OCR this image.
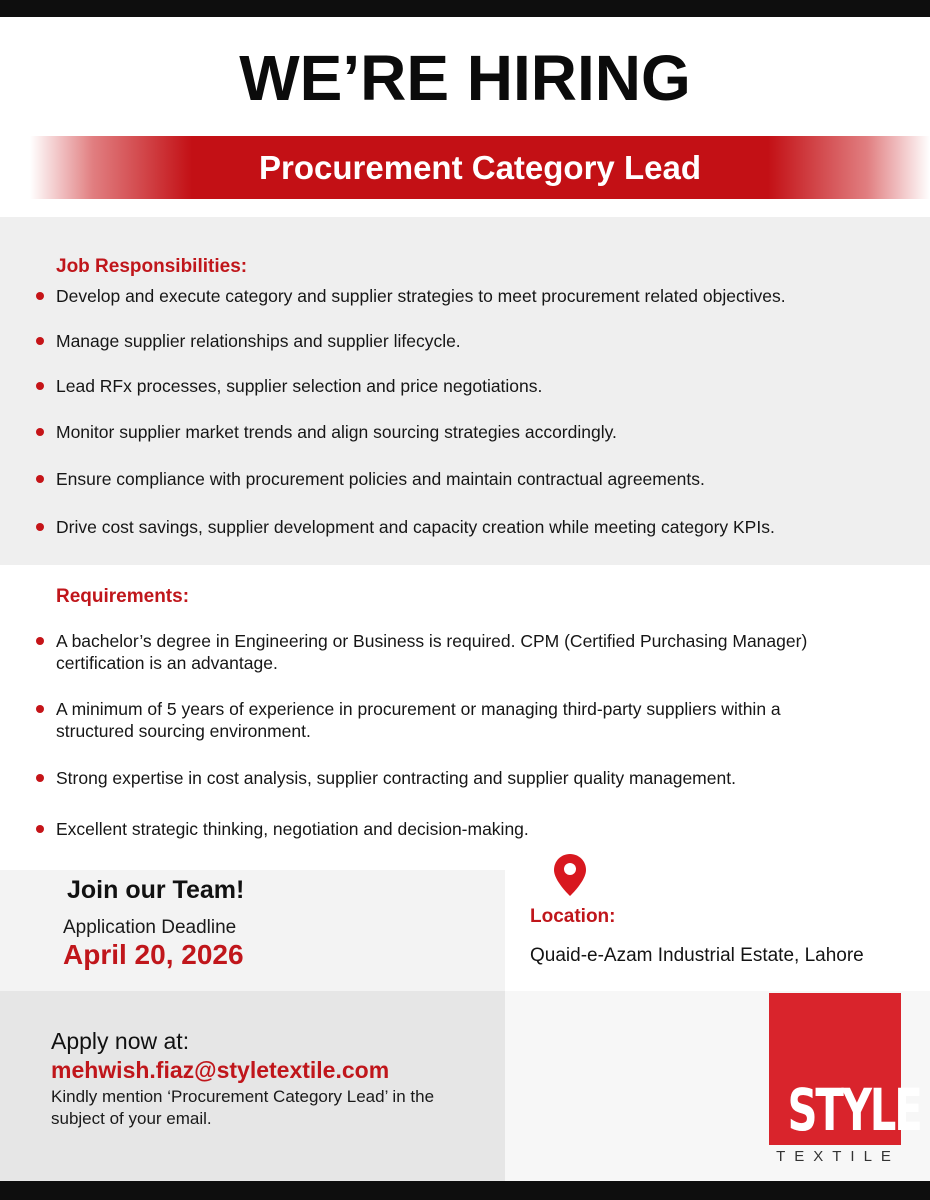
WE’RE HIRING
Procurement Category Lead
Job Responsibilities:
Develop and execute category and supplier strategies to meet procurement related objectives.
Manage supplier relationships and supplier lifecycle.
Lead RFx processes, supplier selection and price negotiations.
Monitor supplier market trends and align sourcing strategies accordingly.
Ensure compliance with procurement policies and maintain contractual agreements.
Drive cost savings, supplier development and capacity creation while meeting category KPIs.
Requirements:
A bachelor’s degree in Engineering or Business is required. CPM (Certified Purchasing Manager) certification is an advantage.
A minimum of 5 years of experience in procurement or managing third-party suppliers within a structured sourcing environment.
Strong expertise in cost analysis, supplier contracting and supplier quality management.
Excellent strategic thinking, negotiation and decision-making.
Join our Team!
Application Deadline
April 20, 2026
Location:
Quaid-e-Azam Industrial Estate, Lahore
Apply now at:
mehwish.fiaz@styletextile.com
Kindly mention ‘Procurement Category Lead’ in the subject of your email.	STYLE
TEXTILE
